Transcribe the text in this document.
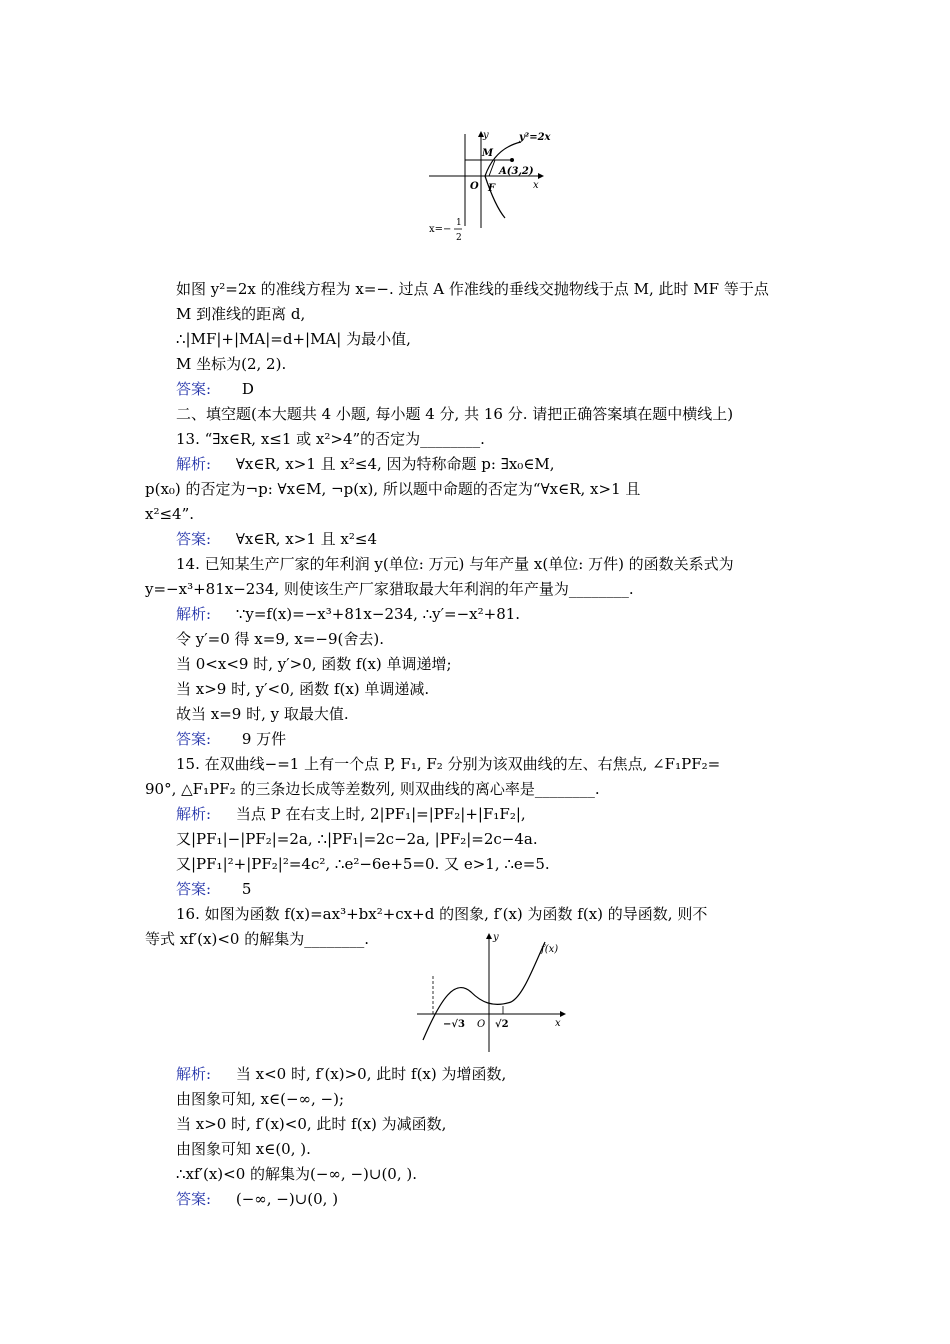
y
x
y²=2x
M
A(3,2)
O F
x=−
1
2
如图 y²=2x 的准线方程为 x=−. 过点 A 作准线的垂线交抛物线于点 M, 此时 MF 等于点
M 到准线的距离 d,
∴|MF|+|MA|=d+|MA| 为最小值,
M 坐标为(2, 2).
答案: D
二、填空题(本大题共 4 小题, 每小题 4 分, 共 16 分. 请把正确答案填在题中横线上)
13. “∃x∈R, x≤1 或 x²>4”的否定为________.
解析: ∀x∈R, x>1 且 x²≤4, 因为特称命题 p: ∃x₀∈M,
p(x₀) 的否定为¬p: ∀x∈M, ¬p(x), 所以题中命题的否定为“∀x∈R, x>1 且
x²≤4”.
答案: ∀x∈R, x>1 且 x²≤4
14. 已知某生产厂家的年利润 y(单位: 万元) 与年产量 x(单位: 万件) 的函数关系式为
y=−x³+81x−234, 则使该生产厂家猎取最大年利润的年产量为________.
解析: ∵y=f(x)=−x³+81x−234, ∴y′=−x²+81.
令 y′=0 得 x=9, x=−9(舍去).
当 0<x<9 时, y′>0, 函数 f(x) 单调递增;
当 x>9 时, y′<0, 函数 f(x) 单调递减.
故当 x=9 时, y 取最大值.
答案: 9 万件
15. 在双曲线−=1 上有一个点 P, F₁, F₂ 分别为该双曲线的左、右焦点, ∠F₁PF₂=
90°, △F₁PF₂ 的三条边长成等差数列, 则双曲线的离心率是________.
解析: 当点 P 在右支上时, 2|PF₁|=|PF₂|+|F₁F₂|,
又|PF₁|−|PF₂|=2a, ∴|PF₁|=2c−2a, |PF₂|=2c−4a.
又|PF₁|²+|PF₂|²=4c², ∴e²−6e+5=0. 又 e>1, ∴e=5.
答案: 5
16. 如图为函数 f(x)=ax³+bx²+cx+d 的图象, f′(x) 为函数 f(x) 的导函数, 则不
等式 xf′(x)<0 的解集为________.	y
x
f(x)
O
−√3	√2
解析: 当 x<0 时, f′(x)>0, 此时 f(x) 为增函数,
由图象可知, x∈(−∞, −);
当 x>0 时, f′(x)<0, 此时 f(x) 为减函数,
由图象可知 x∈(0, ).
∴xf′(x)<0 的解集为(−∞, −)∪(0, ).
答案: (−∞, −)∪(0, )
